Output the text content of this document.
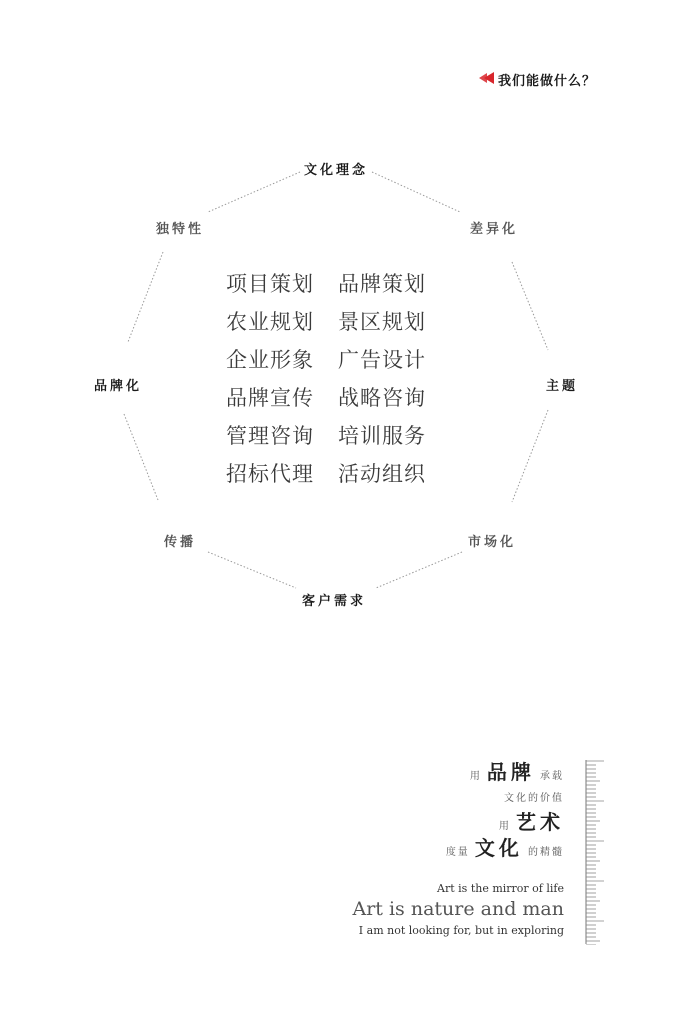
我们能做什么？
文化理念
差异化
主题
市场化
客户需求
传播
品牌化
独特性
项目策划	品牌策划
农业规划	景区规划
企业形象	广告设计
品牌宣传	战略咨询
管理咨询	培训服务
招标代理	活动组织
用 品牌 承载
文化的价值
用 艺术
度量 文化 的精髓
Art is the mirror of life
Art is nature and man
I am not looking for, but in exploring
